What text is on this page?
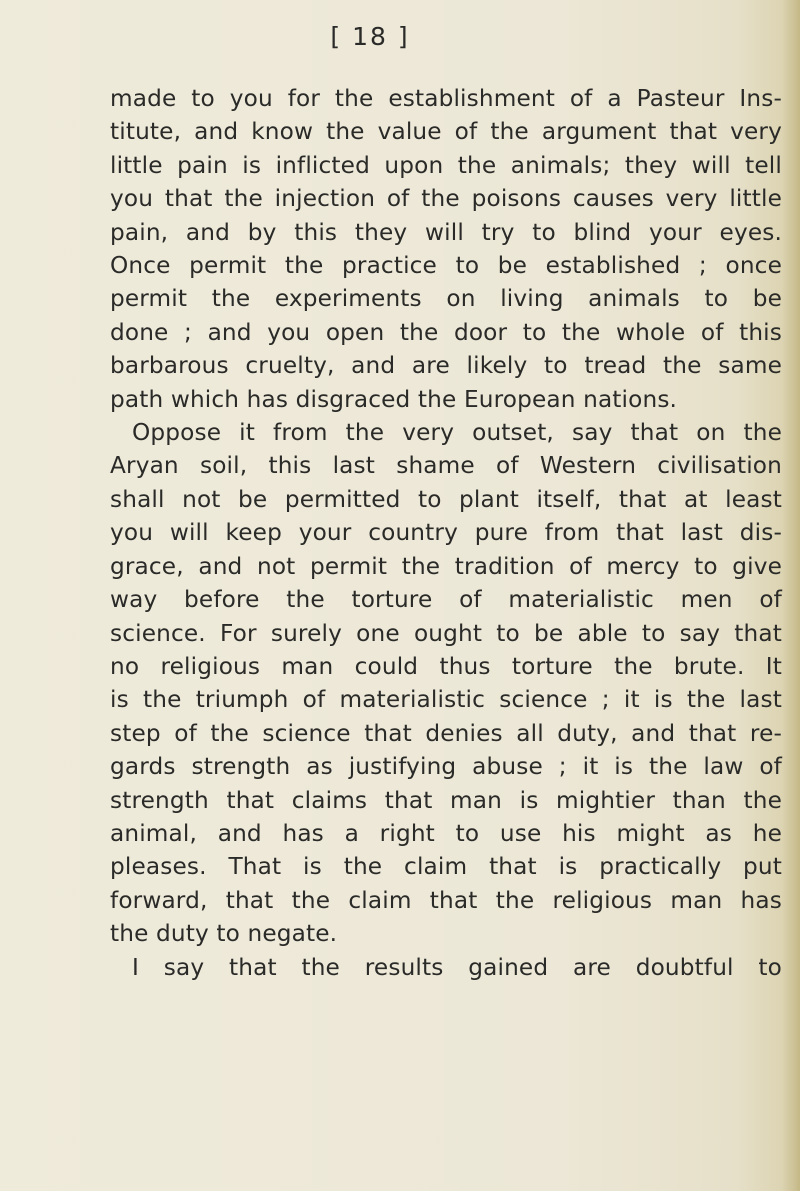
[ 18 ]
made to you for the establishment of a Pasteur Ins-
titute, and know the value of the argument that very
little pain is inflicted upon the animals; they will tell
you that the injection of the poisons causes very little
pain, and by this they will try to blind your eyes.
Once permit the practice to be established ; once
permit the experiments on living animals to be
done ; and you open the door to the whole of this
barbarous cruelty, and are likely to tread the same
path which has disgraced the European nations.
Oppose it from the very outset, say that on the
Aryan soil, this last shame of Western civilisation
shall not be permitted to plant itself, that at least
you will keep your country pure from that last dis-
grace, and not permit the tradition of mercy to give
way before the torture of materialistic men of
science. For surely one ought to be able to say that
no religious man could thus torture the brute. It
is the triumph of materialistic science ; it is the last
step of the science that denies all duty, and that re-
gards strength as justifying abuse ; it is the law of
strength that claims that man is mightier than the
animal, and has a right to use his might as he
pleases. That is the claim that is practically put
forward, that the claim that the religious man has
the duty to negate.
I say that the results gained are doubtful to
